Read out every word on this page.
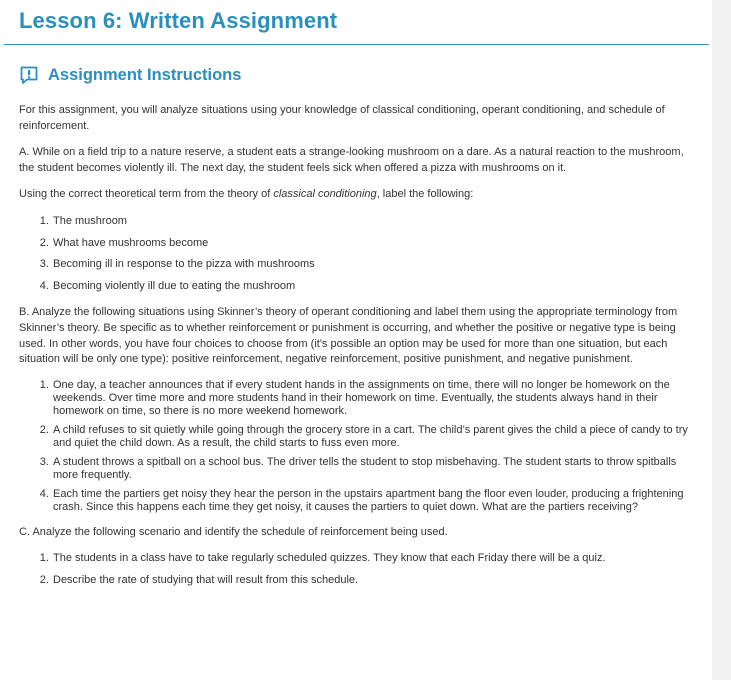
Lesson 6: Written Assignment
Assignment Instructions

For this assignment, you will analyze situations using your knowledge of classical conditioning, operant conditioning, and schedule of reinforcement.

A. While on a field trip to a nature reserve, a student eats a strange-looking mushroom on a dare. As a natural reaction to the mushroom, the student becomes violently ill. The next day, the student feels sick when offered a pizza with mushrooms on it.

Using the correct theoretical term from the theory of classical conditioning, label the following:

1. The mushroom
2. What have mushrooms become
3. Becoming ill in response to the pizza with mushrooms
4. Becoming violently ill due to eating the mushroom

B. Analyze the following situations using Skinner’s theory of operant conditioning and label them using the appropriate terminology from Skinner’s theory. Be specific as to whether reinforcement or punishment is occurring, and whether the positive or negative type is being used. In other words, you have four choices to choose from (it's possible an option may be used for more than one situation, but each situation will be only one type): positive reinforcement, negative reinforcement, positive punishment, and negative punishment.

1. One day, a teacher announces that if every student hands in the assignments on time, there will no longer be homework on the weekends. Over time more and more students hand in their homework on time. Eventually, the students always hand in their homework on time, so there is no more weekend homework.
2. A child refuses to sit quietly while going through the grocery store in a cart. The child’s parent gives the child a piece of candy to try and quiet the child down. As a result, the child starts to fuss even more.
3. A student throws a spitball on a school bus. The driver tells the student to stop misbehaving. The student starts to throw spitballs more frequently.
4. Each time the partiers get noisy they hear the person in the upstairs apartment bang the floor even louder, producing a frightening crash. Since this happens each time they get noisy, it causes the partiers to quiet down. What are the partiers receiving?

C. Analyze the following scenario and identify the schedule of reinforcement being used.

1. The students in a class have to take regularly scheduled quizzes. They know that each Friday there will be a quiz.
2. Describe the rate of studying that will result from this schedule.
